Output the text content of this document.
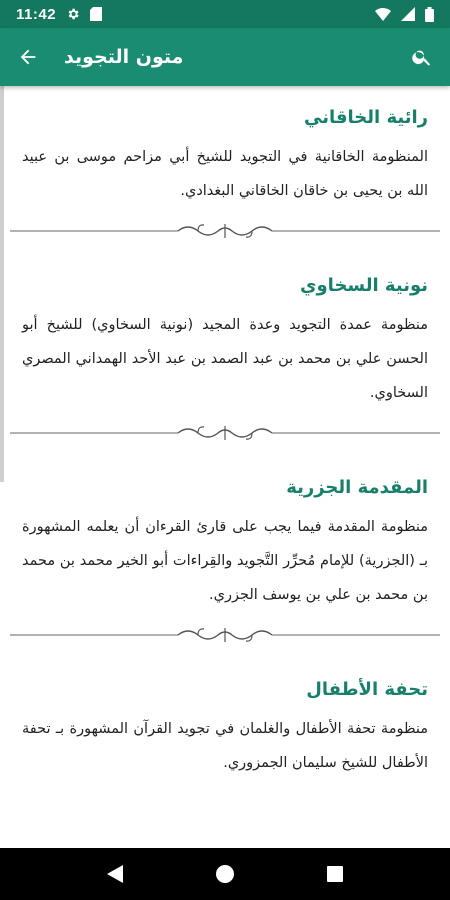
11:42
متون التجويد
رائية الخاقاني
المنظومة الخاقانية في التجويد للشيخ أبي مزاحم موسى بن عبيد الله بن يحيى بن خاقان الخاقاني البغدادي.
نونية السخاوي
منظومة عمدة التجويد وعدة المجيد (نونية السخاوي) للشيخ أبو الحسن علي بن محمد بن عبد الصمد بن عبد الأحد الهمداني المصري السخاوي.
المقدمة الجزرية
منظومة المقدمة فيما يجب على قارئ القرءان أن يعلمه المشهورة بـ (الجزرية) للإمام مُحرِّر التَّجويد والقِراءات أبو الخير محمد بن محمد بن محمد بن علي بن يوسف الجزري.
تحفة الأطفال
منظومة تحفة الأطفال والغلمان في تجويد القرآن المشهورة بـ تحفة الأطفال للشيخ سليمان الجمزوري.
